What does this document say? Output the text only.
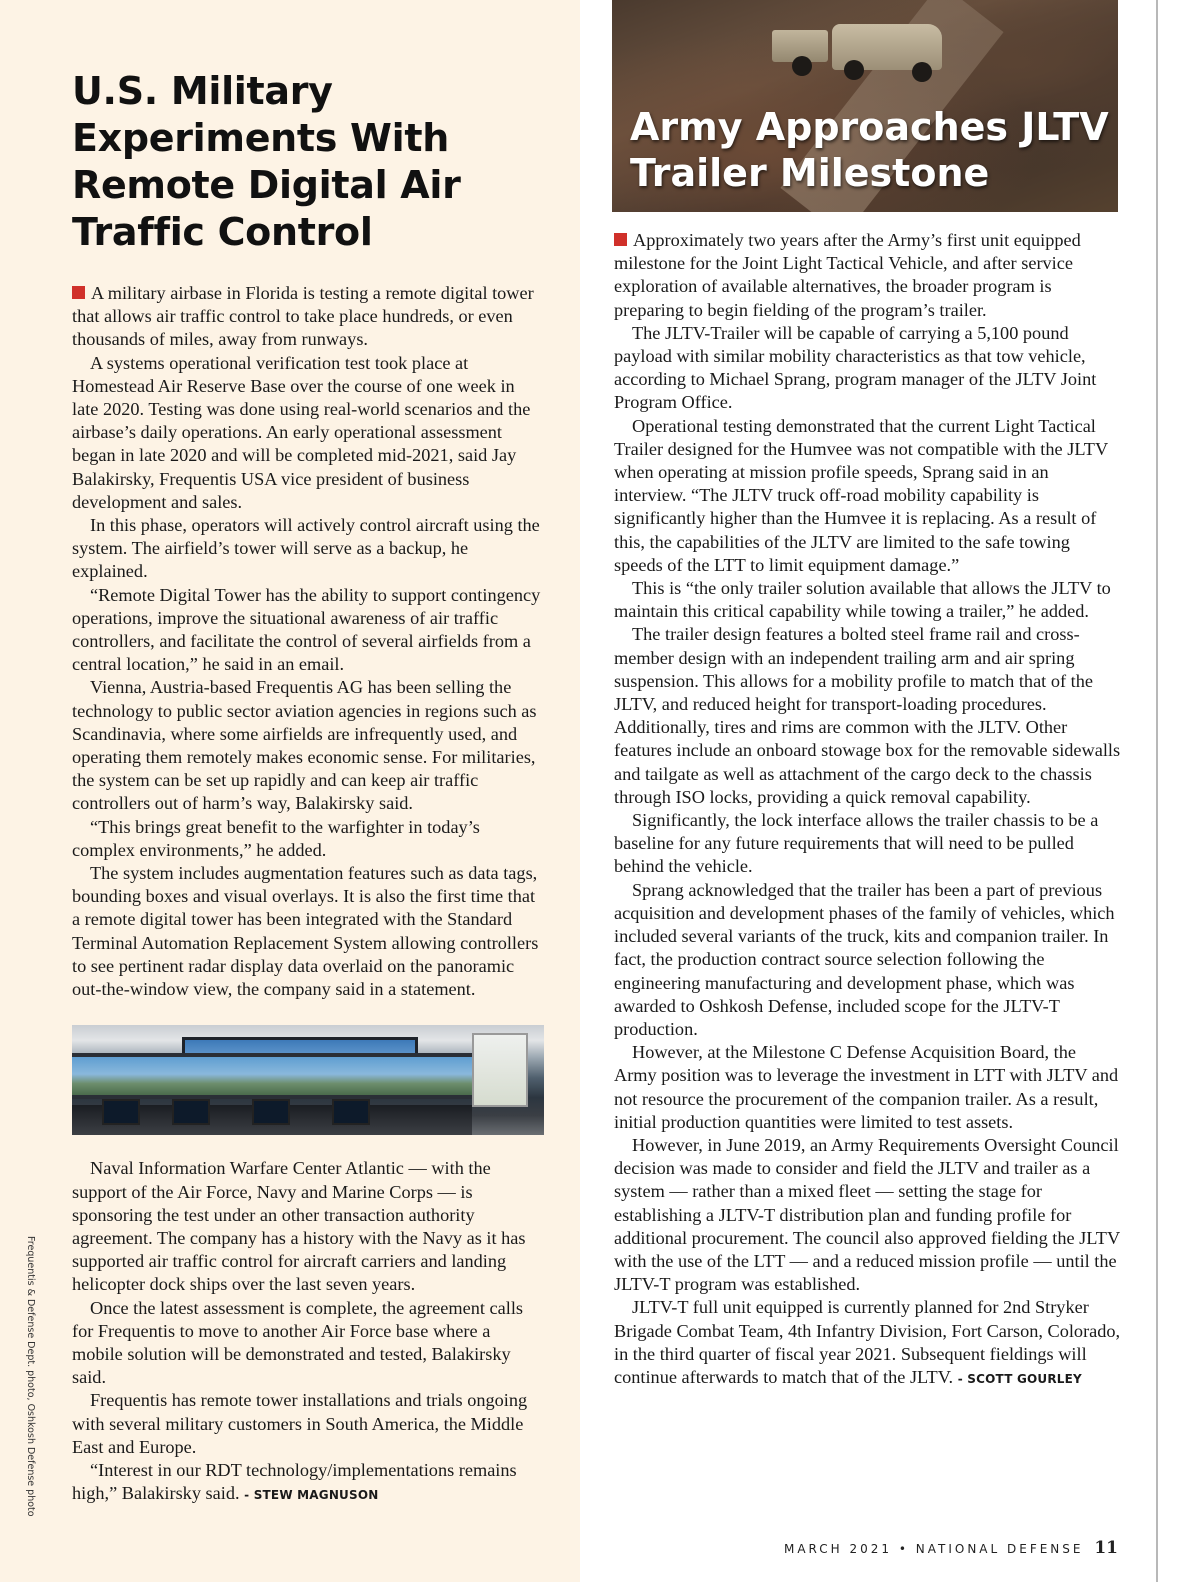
U.S. Military Experiments With Remote Digital Air Traffic Control

A military airbase in Florida is testing a remote digital tower that allows air traffic control to take place hundreds, or even thousands of miles, away from runways.

A systems operational verification test took place at Homestead Air Reserve Base over the course of one week in late 2020. Testing was done using real-world scenarios and the airbase’s daily operations. An early operational assessment began in late 2020 and will be completed mid-2021, said Jay Balakirsky, Frequentis USA vice president of business development and sales.

In this phase, operators will actively control aircraft using the system. The airfield’s tower will serve as a backup, he explained.

“Remote Digital Tower has the ability to support contingency operations, improve the situational awareness of air traffic controllers, and facilitate the control of several airfields from a central location,” he said in an email.

Vienna, Austria-based Frequentis AG has been selling the technology to public sector aviation agencies in regions such as Scandinavia, where some airfields are infrequently used, and operating them remotely makes economic sense. For militaries, the system can be set up rapidly and can keep air traffic controllers out of harm’s way, Balakirsky said.

“This brings great benefit to the warfighter in today’s complex environments,” he added.

The system includes augmentation features such as data tags, bounding boxes and visual overlays. It is also the first time that a remote digital tower has been integrated with the Standard Terminal Automation Replacement System allowing controllers to see pertinent radar display data overlaid on the panoramic out-the-window view, the company said in a statement.

Naval Information Warfare Center Atlantic — with the support of the Air Force, Navy and Marine Corps — is sponsoring the test under an other transaction authority agreement. The company has a history with the Navy as it has supported air traffic control for aircraft carriers and landing helicopter dock ships over the last seven years.

Once the latest assessment is complete, the agreement calls for Frequentis to move to another Air Force base where a mobile solution will be demonstrated and tested, Balakirsky said.

Frequentis has remote tower installations and trials ongoing with several military customers in South America, the Middle East and Europe.

“Interest in our RDT technology/implementations remains high,” Balakirsky said. - STEW MAGNUSON

Army Approaches JLTV Trailer Milestone

Approximately two years after the Army’s first unit equipped milestone for the Joint Light Tactical Vehicle, and after service exploration of available alternatives, the broader program is preparing to begin fielding of the program’s trailer.

The JLTV-Trailer will be capable of carrying a 5,100 pound payload with similar mobility characteristics as that tow vehicle, according to Michael Sprang, program manager of the JLTV Joint Program Office.

Operational testing demonstrated that the current Light Tactical Trailer designed for the Humvee was not compatible with the JLTV when operating at mission profile speeds, Sprang said in an interview. “The JLTV truck off-road mobility capability is significantly higher than the Humvee it is replacing. As a result of this, the capabilities of the JLTV are limited to the safe towing speeds of the LTT to limit equipment damage.”

This is “the only trailer solution available that allows the JLTV to maintain this critical capability while towing a trailer,” he added.

The trailer design features a bolted steel frame rail and cross-member design with an independent trailing arm and air spring suspension. This allows for a mobility profile to match that of the JLTV, and reduced height for transport-loading procedures. Additionally, tires and rims are common with the JLTV. Other features include an onboard stowage box for the removable sidewalls and tailgate as well as attachment of the cargo deck to the chassis through ISO locks, providing a quick removal capability.

Significantly, the lock interface allows the trailer chassis to be a baseline for any future requirements that will need to be pulled behind the vehicle.

Sprang acknowledged that the trailer has been a part of previous acquisition and development phases of the family of vehicles, which included several variants of the truck, kits and companion trailer. In fact, the production contract source selection following the engineering manufacturing and development phase, which was awarded to Oshkosh Defense, included scope for the JLTV-T production.

However, at the Milestone C Defense Acquisition Board, the Army position was to leverage the investment in LTT with JLTV and not resource the procurement of the companion trailer. As a result, initial production quantities were limited to test assets.

However, in June 2019, an Army Requirements Oversight Council decision was made to consider and field the JLTV and trailer as a system — rather than a mixed fleet — setting the stage for establishing a JLTV-T distribution plan and funding profile for additional procurement. The council also approved fielding the JLTV with the use of the LTT — and a reduced mission profile — until the JLTV-T program was established.

JLTV-T full unit equipped is currently planned for 2nd Stryker Brigade Combat Team, 4th Infantry Division, Fort Carson, Colorado, in the third quarter of fiscal year 2021. Subsequent fieldings will continue afterwards to match that of the JLTV. - SCOTT GOURLEY

Frequentis & Defense Dept. photo, Oshkosh Defense photo
MARCH 2021 • NATIONAL DEFENSE 11
